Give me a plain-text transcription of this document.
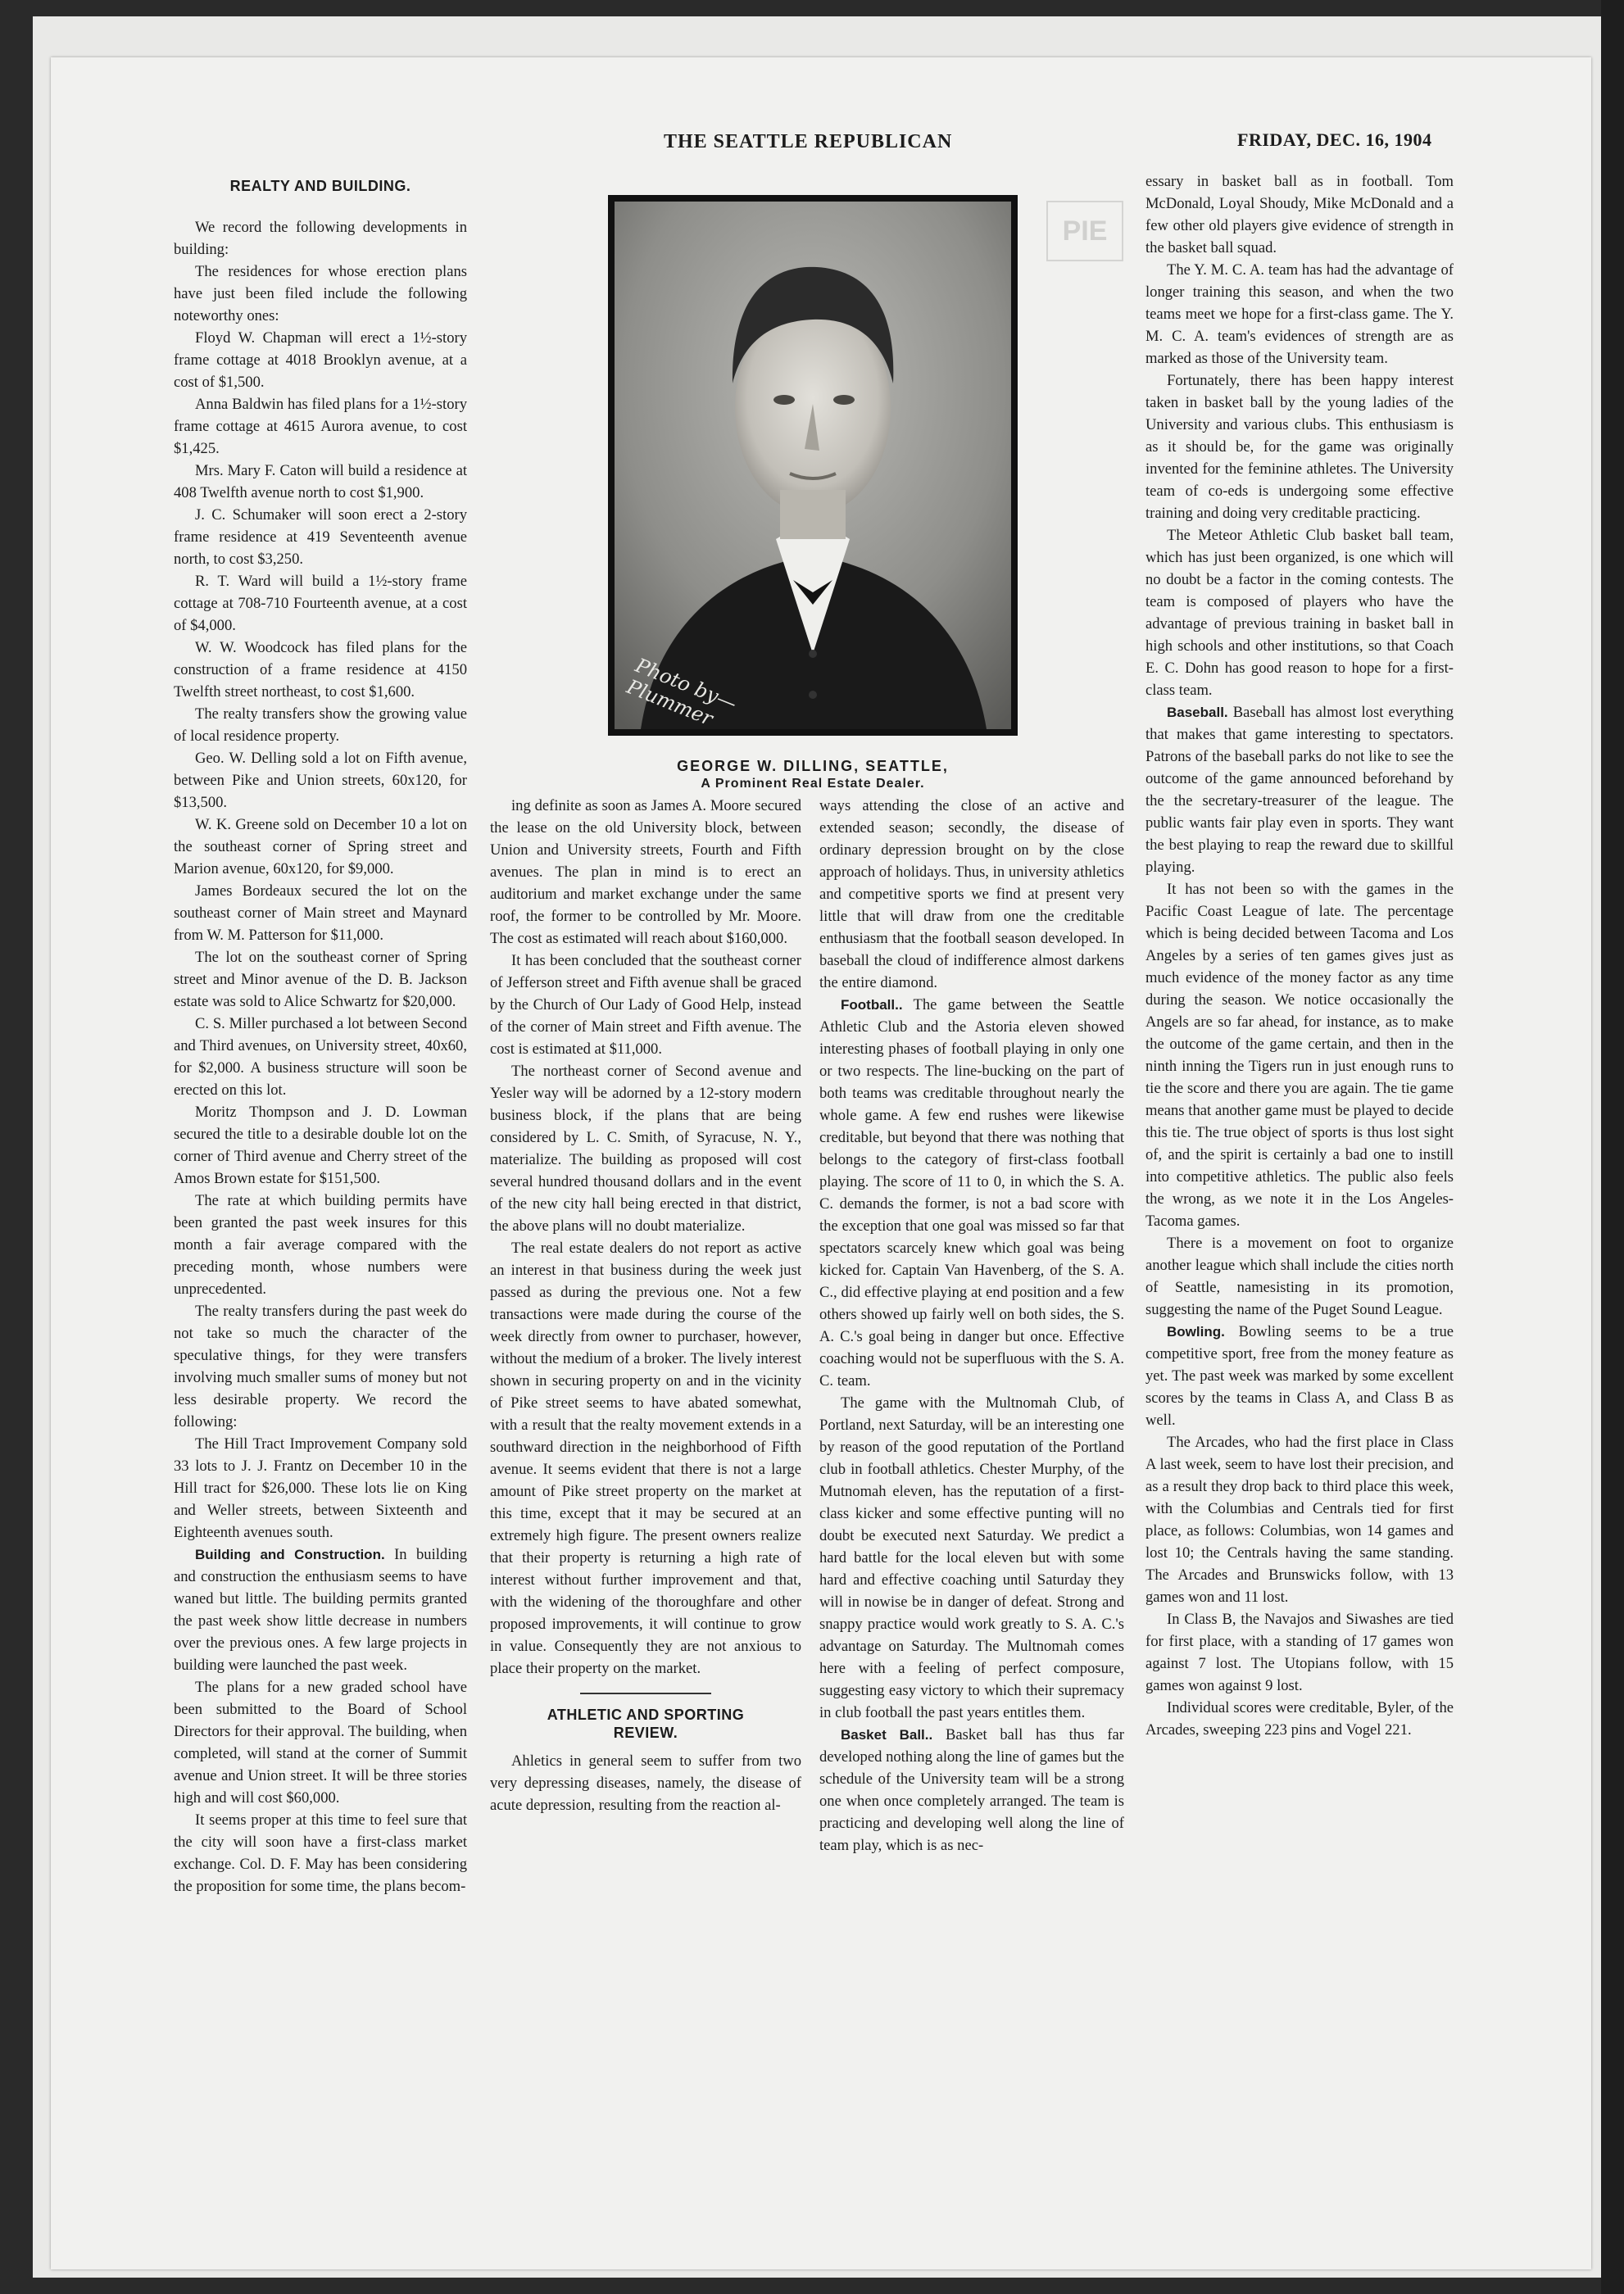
PIE
THE SEATTLE REPUBLICAN	FRIDAY, DEC. 16, 1904
REALTY AND BUILDING.

We record the following developments in building:

The residences for whose erection plans have just been filed include the following noteworthy ones:

Floyd W. Chapman will erect a 1½-story frame cottage at 4018 Brooklyn avenue, at a cost of $1,500.

Anna Baldwin has filed plans for a 1½-story frame cottage at 4615 Aurora avenue, to cost $1,425.

Mrs. Mary F. Caton will build a residence at 408 Twelfth avenue north to cost $1,900.

J. C. Schumaker will soon erect a 2-story frame residence at 419 Seventeenth avenue north, to cost $3,250.

R. T. Ward will build a 1½-story frame cottage at 708-710 Fourteenth avenue, at a cost of $4,000.

W. W. Woodcock has filed plans for the construction of a frame residence at 4150 Twelfth street northeast, to cost $1,600.

The realty transfers show the growing value of local residence property.

Geo. W. Delling sold a lot on Fifth avenue, between Pike and Union streets, 60x120, for $13,500.

W. K. Greene sold on December 10 a lot on the southeast corner of Spring street and Marion avenue, 60x120, for $9,000.

James Bordeaux secured the lot on the southeast corner of Main street and Maynard from W. M. Patterson for $11,000.

The lot on the southeast corner of Spring street and Minor avenue of the D. B. Jackson estate was sold to Alice Schwartz for $20,000.

C. S. Miller purchased a lot between Second and Third avenues, on University street, 40x60, for $2,000. A business structure will soon be erected on this lot.

Moritz Thompson and J. D. Lowman secured the title to a desirable double lot on the corner of Third avenue and Cherry street of the Amos Brown estate for $151,500.

The rate at which building permits have been granted the past week insures for this month a fair average compared with the preceding month, whose numbers were unprecedented.

The realty transfers during the past week do not take so much the character of the speculative things, for they were transfers involving much smaller sums of money but not less desirable property. We record the following:

The Hill Tract Improvement Company sold 33 lots to J. J. Frantz on December 10 in the Hill tract for $26,000. These lots lie on King and Weller streets, between Sixteenth and Eighteenth avenues south.

Building and Construction. In building and construction the enthusiasm seems to have waned but little. The building permits granted the past week show little decrease in numbers over the previous ones. A few large projects in building were launched the past week.

The plans for a new graded school have been submitted to the Board of School Directors for their approval. The building, when completed, will stand at the corner of Summit avenue and Union street. It will be three stories high and will cost $60,000.

It seems proper at this time to feel sure that the city will soon have a first-class market exchange. Col. D. F. May has been considering the proposition for some time, the plans becom-

Photo by— Plummer
GEORGE W. DILLING, SEATTLE,
A Prominent Real Estate Dealer.

ing definite as soon as James A. Moore secured the lease on the old University block, between Union and University streets, Fourth and Fifth avenues. The plan in mind is to erect an auditorium and market exchange under the same roof, the former to be controlled by Mr. Moore. The cost as estimated will reach about $160,000.

It has been concluded that the southeast corner of Jefferson street and Fifth avenue shall be graced by the Church of Our Lady of Good Help, instead of the corner of Main street and Fifth avenue. The cost is estimated at $11,000.

The northeast corner of Second avenue and Yesler way will be adorned by a 12-story modern business block, if the plans that are being considered by L. C. Smith, of Syracuse, N. Y., materialize. The building as proposed will cost several hundred thousand dollars and in the event of the new city hall being erected in that district, the above plans will no doubt materialize.

The real estate dealers do not report as active an interest in that business during the week just passed as during the previous one. Not a few transactions were made during the course of the week directly from owner to purchaser, however, without the medium of a broker. The lively interest shown in securing property on and in the vicinity of Pike street seems to have abated somewhat, with a result that the realty movement extends in a southward direction in the neighborhood of Fifth avenue. It seems evident that there is not a large amount of Pike street property on the market at this time, except that it may be secured at an extremely high figure. The present owners realize that their property is returning a high rate of interest without further improvement and that, with the widening of the thoroughfare and other proposed improvements, it will continue to grow in value. Consequently they are not anxious to place their property on the market.

ATHLETIC AND SPORTING
REVIEW.

Ahletics in general seem to suffer from two very depressing diseases, namely, the disease of acute depression, resulting from the reaction al-

ways attending the close of an active and extended season; secondly, the disease of ordinary depression brought on by the close approach of holidays. Thus, in university athletics and competitive sports we find at present very little that will draw from one the creditable enthusiasm that the football season developed. In baseball the cloud of indifference almost darkens the entire diamond.

Football.. The game between the Seattle Athletic Club and the Astoria eleven showed interesting phases of football playing in only one or two respects. The line-bucking on the part of both teams was creditable throughout nearly the whole game. A few end rushes were likewise creditable, but beyond that there was nothing that belongs to the category of first-class football playing. The score of 11 to 0, in which the S. A. C. demands the former, is not a bad score with the exception that one goal was missed so far that spectators scarcely knew which goal was being kicked for. Captain Van Havenberg, of the S. A. C., did effective playing at end position and a few others showed up fairly well on both sides, the S. A. C.'s goal being in danger but once. Effective coaching would not be superfluous with the S. A. C. team.

The game with the Multnomah Club, of Portland, next Saturday, will be an interesting one by reason of the good reputation of the Portland club in football athletics. Chester Murphy, of the Mutnomah eleven, has the reputation of a first-class kicker and some effective punting will no doubt be executed next Saturday. We predict a hard battle for the local eleven but with some hard and effective coaching until Saturday they will in nowise be in danger of defeat. Strong and snappy practice would work greatly to S. A. C.'s advantage on Saturday. The Multnomah comes here with a feeling of perfect composure, suggesting easy victory to which their supremacy in club football the past years entitles them.

Basket Ball.. Basket ball has thus far developed nothing along the line of games but the schedule of the University team will be a strong one when once completely arranged. The team is practicing and developing well along the line of team play, which is as nec-

essary in basket ball as in football. Tom McDonald, Loyal Shoudy, Mike McDonald and a few other old players give evidence of strength in the basket ball squad.

The Y. M. C. A. team has had the advantage of longer training this season, and when the two teams meet we hope for a first-class game. The Y. M. C. A. team's evidences of strength are as marked as those of the University team.

Fortunately, there has been happy interest taken in basket ball by the young ladies of the University and various clubs. This enthusiasm is as it should be, for the game was originally invented for the feminine athletes. The University team of co-eds is undergoing some effective training and doing very creditable practicing.

The Meteor Athletic Club basket ball team, which has just been organized, is one which will no doubt be a factor in the coming contests. The team is composed of players who have the advantage of previous training in basket ball in high schools and other institutions, so that Coach E. C. Dohn has good reason to hope for a first-class team.

Baseball. Baseball has almost lost everything that makes that game interesting to spectators. Patrons of the baseball parks do not like to see the outcome of the game announced beforehand by the the secretary-treasurer of the league. The public wants fair play even in sports. They want the best playing to reap the reward due to skillful playing.

It has not been so with the games in the Pacific Coast League of late. The percentage which is being decided between Tacoma and Los Angeles by a series of ten games gives just as much evidence of the money factor as any time during the season. We notice occasionally the Angels are so far ahead, for instance, as to make the outcome of the game certain, and then in the ninth inning the Tigers run in just enough runs to tie the score and there you are again. The tie game means that another game must be played to decide this tie. The true object of sports is thus lost sight of, and the spirit is certainly a bad one to instill into competitive athletics. The public also feels the wrong, as we note it in the Los Angeles-Tacoma games.

There is a movement on foot to organize another league which shall include the cities north of Seattle, namesisting in its promotion, suggesting the name of the Puget Sound League.

Bowling. Bowling seems to be a true competitive sport, free from the money feature as yet. The past week was marked by some excellent scores by the teams in Class A, and Class B as well.

The Arcades, who had the first place in Class A last week, seem to have lost their precision, and as a result they drop back to third place this week, with the Columbias and Centrals tied for first place, as follows: Columbias, won 14 games and lost 10; the Centrals having the same standing. The Arcades and Brunswicks follow, with 13 games won and 11 lost.

In Class B, the Navajos and Siwashes are tied for first place, with a standing of 17 games won against 7 lost. The Utopians follow, with 15 games won against 9 lost.

Individual scores were creditable, Byler, of the Arcades, sweeping 223 pins and Vogel 221.
